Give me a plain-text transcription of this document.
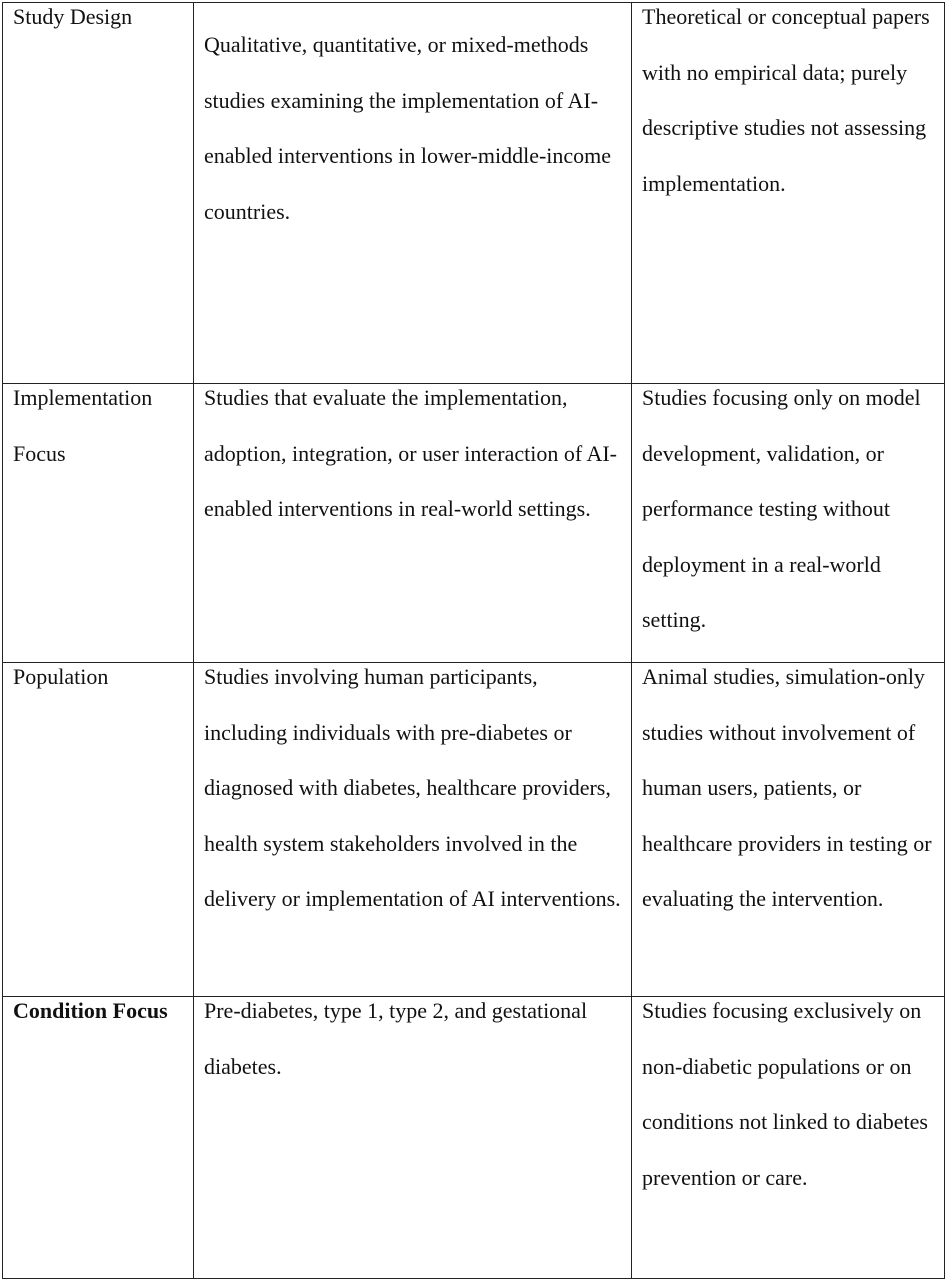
Study Design	Qualitative, quantitative, or mixed-methods studies examining the implementation of AI-enabled interventions in lower-middle-income countries.	Theoretical or conceptual papers with no empirical data; purely descriptive studies not assessing implementation.

Implementation Focus	Studies that evaluate the implementation, adoption, integration, or user interaction of AI-enabled interventions in real-world settings.	Studies focusing only on model development, validation, or performance testing without deployment in a real-world setting.

Population	Studies involving human participants, including individuals with pre-diabetes or diagnosed with diabetes, healthcare providers, health system stakeholders involved in the delivery or implementation of AI interventions.	Animal studies, simulation-only studies without involvement of human users, patients, or healthcare providers in testing or evaluating the intervention.

Condition Focus	Pre-diabetes, type 1, type 2, and gestational diabetes.	Studies focusing exclusively on non-diabetic populations or on conditions not linked to diabetes prevention or care.
